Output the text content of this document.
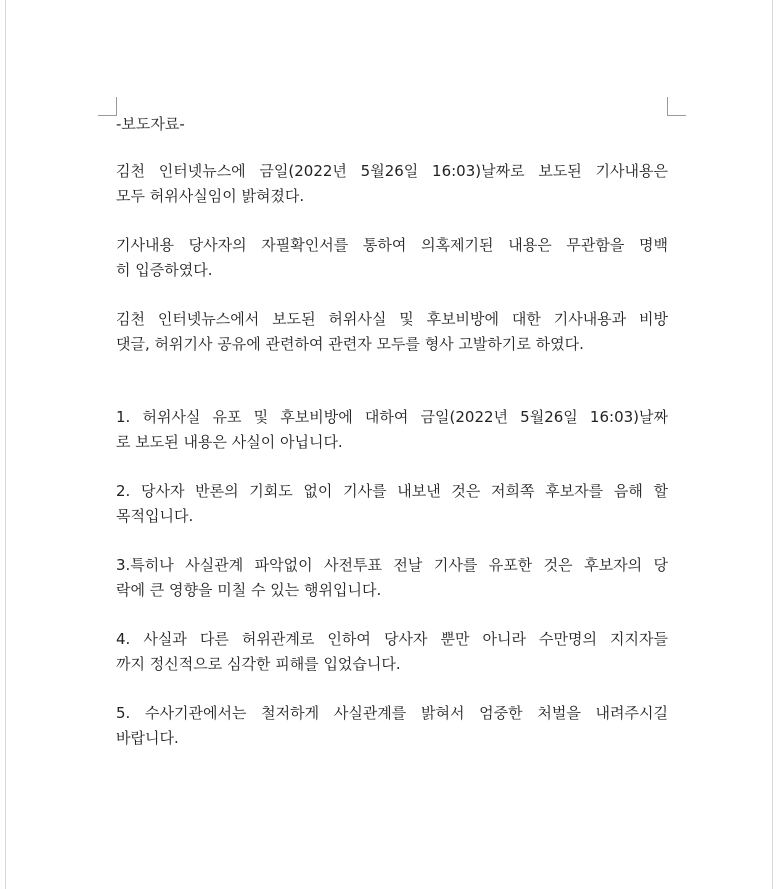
-보도자료-
김천 인터넷뉴스에 금일(2022년 5월26일 16:03)날짜로 보도된 기사내용은
모두 허위사실임이 밝혀졌다.
기사내용 당사자의 자필확인서를 통하여 의혹제기된 내용은 무관함을 명백
히 입증하였다.
김천 인터넷뉴스에서 보도된 허위사실 및 후보비방에 대한 기사내용과 비방
댓글, 허위기사 공유에 관련하여 관련자 모두를 형사 고발하기로 하였다.
1. 허위사실 유포 및 후보비방에 대하여 금일(2022년 5월26일 16:03)날짜
로 보도된 내용은 사실이 아닙니다.
2. 당사자 반론의 기회도 없이 기사를 내보낸 것은 저희쪽 후보자를 음해 할
목적입니다.
3.특히나 사실관계 파악없이 사전투표 전날 기사를 유포한 것은 후보자의 당
락에 큰 영향을 미칠 수 있는 행위입니다.
4. 사실과 다른 허위관계로 인하여 당사자 뿐만 아니라 수만명의 지지자들
까지 정신적으로 심각한 피해를 입었습니다.
5. 수사기관에서는 철저하게 사실관계를 밝혀서 엄중한 처벌을 내려주시길
바랍니다.
